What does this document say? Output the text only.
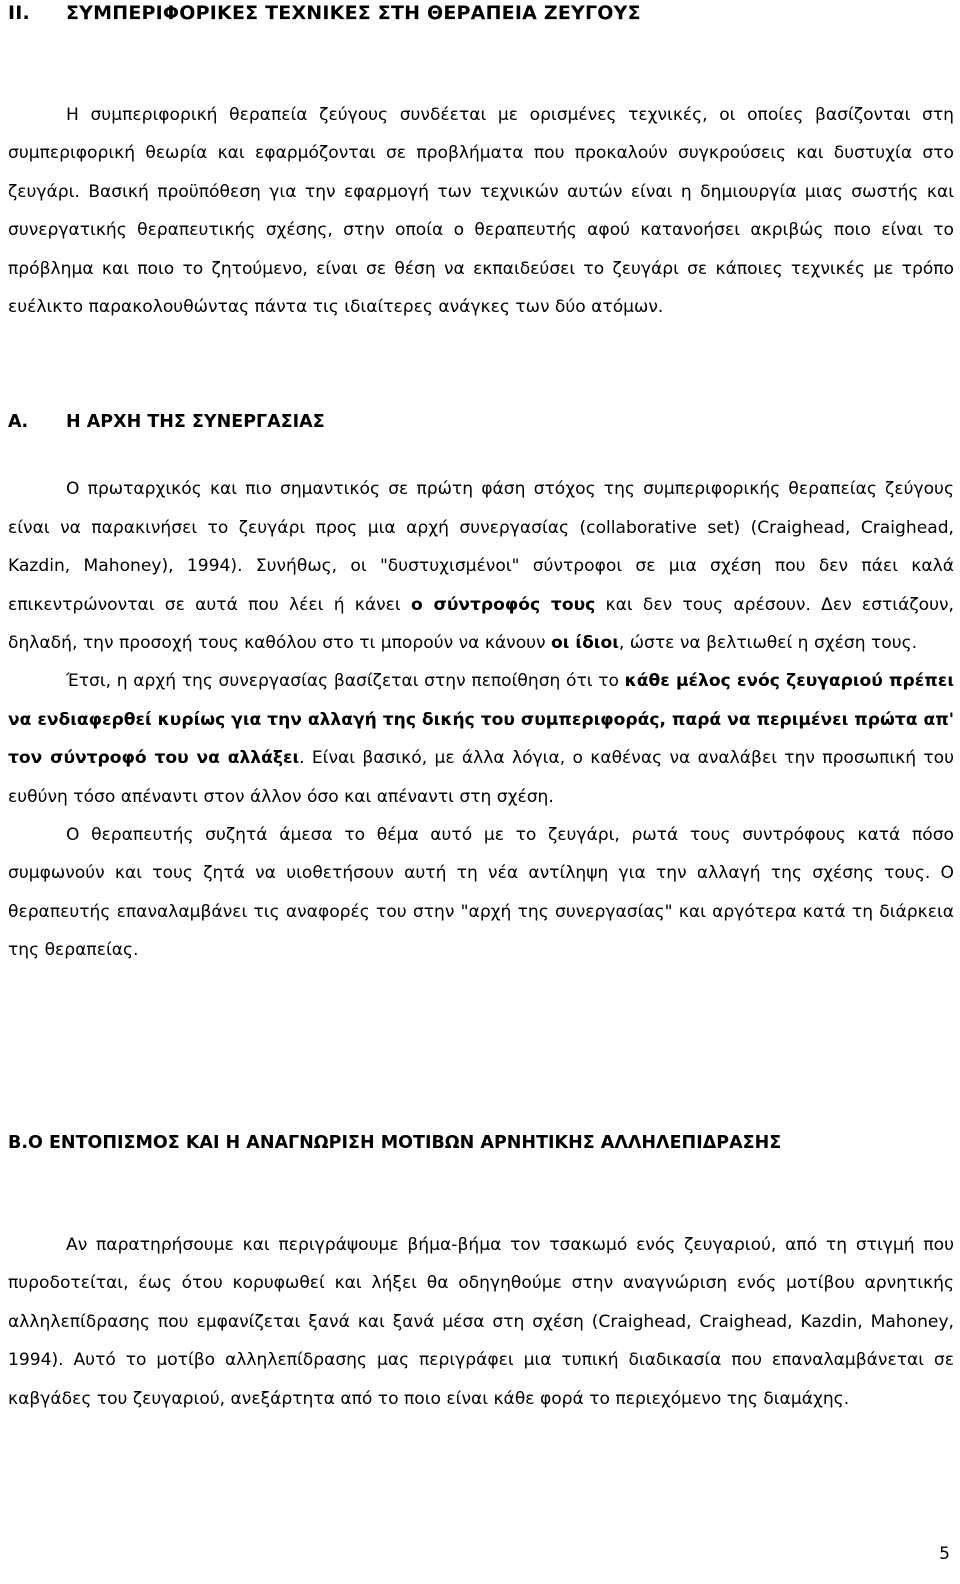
II. ΣΥΜΠΕΡΙΦΟΡΙΚΕΣ ΤΕΧΝΙΚΕΣ ΣΤΗ ΘΕΡΑΠΕΙΑ ΖΕΥΓΟΥΣ

Η συμπεριφορική θεραπεία ζεύγους συνδέεται με ορισμένες τεχνικές, οι οποίες βασίζονται στη συμπεριφορική θεωρία και εφαρμόζονται σε προβλήματα που προκαλούν συγκρούσεις και δυστυχία στο ζευγάρι. Βασική προϋπόθεση για την εφαρμογή των τεχνικών αυτών είναι η δημιουργία μιας σωστής και συνεργατικής θεραπευτικής σχέσης, στην οποία ο θεραπευτής αφού κατανοήσει ακριβώς ποιο είναι το πρόβλημα και ποιο το ζητούμενο, είναι σε θέση να εκπαιδεύσει το ζευγάρι σε κάποιες τεχνικές με τρόπο ευέλικτο παρακολουθώντας πάντα τις ιδιαίτερες ανάγκες των δύο ατόμων.

Α. Η ΑΡΧΗ ΤΗΣ ΣΥΝΕΡΓΑΣΙΑΣ

Ο πρωταρχικός και πιο σημαντικός σε πρώτη φάση στόχος της συμπεριφορικής θεραπείας ζεύγους είναι να παρακινήσει το ζευγάρι προς μια αρχή συνεργασίας (collaborative set) (Craighead, Craighead, Kazdin, Mahoney), 1994). Συνήθως, οι "δυστυχισμένοι" σύντροφοι σε μια σχέση που δεν πάει καλά επικεντρώνονται σε αυτά που λέει ή κάνει ο σύντροφός τους και δεν τους αρέσουν. Δεν εστιάζουν, δηλαδή, την προσοχή τους καθόλου στο τι μπορούν να κάνουν οι ίδιοι, ώστε να βελτιωθεί η σχέση τους.

Έτσι, η αρχή της συνεργασίας βασίζεται στην πεποίθηση ότι το κάθε μέλος ενός ζευγαριού πρέπει να ενδιαφερθεί κυρίως για την αλλαγή της δικής του συμπεριφοράς, παρά να περιμένει πρώτα απ' τον σύντροφό του να αλλάξει. Είναι βασικό, με άλλα λόγια, ο καθένας να αναλάβει την προσωπική του ευθύνη τόσο απέναντι στον άλλον όσο και απέναντι στη σχέση.

Ο θεραπευτής συζητά άμεσα το θέμα αυτό με το ζευγάρι, ρωτά τους συντρόφους κατά πόσο συμφωνούν και τους ζητά να υιοθετήσουν αυτή τη νέα αντίληψη για την αλλαγή της σχέσης τους. Ο θεραπευτής επαναλαμβάνει τις αναφορές του στην "αρχή της συνεργασίας" και αργότερα κατά τη διάρκεια της θεραπείας.

Β.Ο ΕΝΤΟΠΙΣΜΟΣ ΚΑΙ Η ΑΝΑΓΝΩΡΙΣΗ ΜΟΤΙΒΩΝ ΑΡΝΗΤΙΚΗΣ ΑΛΛΗΛΕΠΙΔΡΑΣΗΣ

Αν παρατηρήσουμε και περιγράψουμε βήμα-βήμα τον τσακωμό ενός ζευγαριού, από τη στιγμή που πυροδοτείται, έως ότου κορυφωθεί και λήξει θα οδηγηθούμε στην αναγνώριση ενός μοτίβου αρνητικής αλληλεπίδρασης που εμφανίζεται ξανά και ξανά μέσα στη σχέση (Craighead, Craighead, Kazdin, Mahoney, 1994). Αυτό το μοτίβο αλληλεπίδρασης μας περιγράφει μια τυπική διαδικασία που επαναλαμβάνεται σε καβγάδες του ζευγαριού, ανεξάρτητα από το ποιο είναι κάθε φορά το περιεχόμενο της διαμάχης.

5
